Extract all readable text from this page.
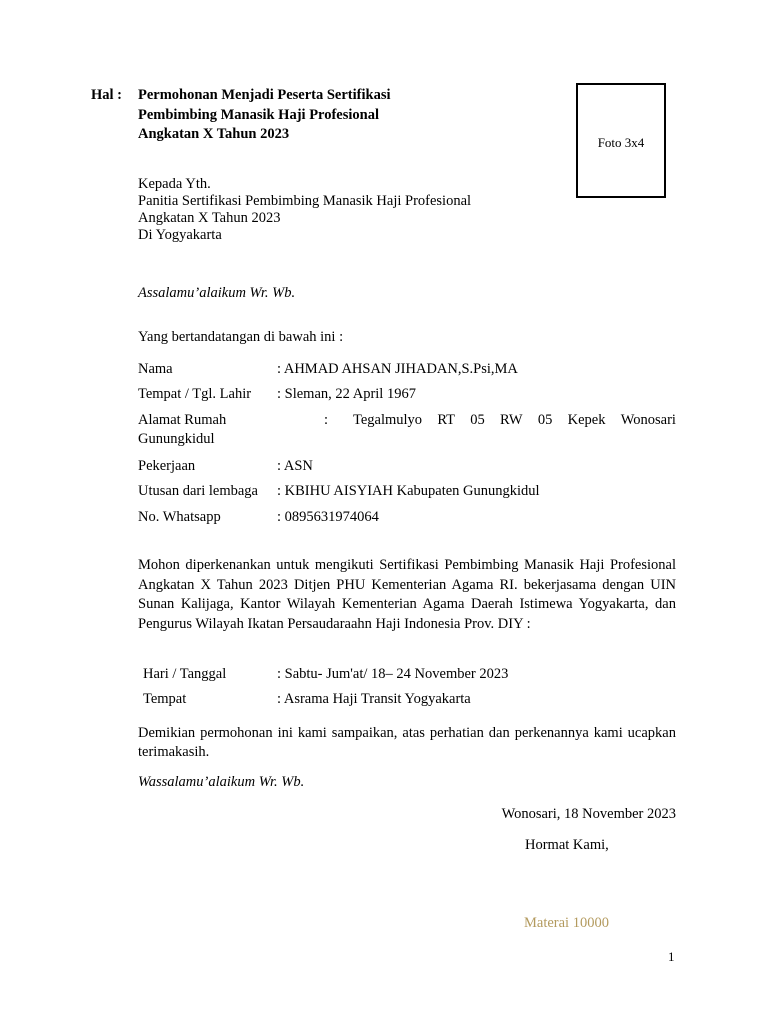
Hal : Permohonan Menjadi Peserta Sertifikasi
Pembimbing Manasik Haji Profesional
Angkatan X Tahun 2023
Foto 3x4
Kepada Yth.
Panitia Sertifikasi Pembimbing Manasik Haji Profesional
Angkatan X Tahun 2023
Di Yogyakarta
Assalamu’alaikum Wr. Wb.
Yang bertandatangan di bawah ini :
Nama	: AHMAD AHSAN JIHADAN,S.Psi,MA
Tempat / Tgl. Lahir : Sleman, 22 April 1967
Alamat Rumah	: Tegalmulyo RT 05 RW 05 Kepek Wonosari
Gunungkidul
Pekerjaan	: ASN
Utusan dari lembaga : KBIHU AISYIAH Kabupaten Gunungkidul
No. Whatsapp	: 0895631974064
Mohon diperkenankan untuk mengikuti Sertifikasi Pembimbing Manasik Haji Profesional Angkatan X Tahun 2023 Ditjen PHU Kementerian Agama RI. bekerjasama dengan UIN Sunan Kalijaga, Kantor Wilayah Kementerian Agama Daerah Istimewa Yogyakarta, dan Pengurus Wilayah Ikatan Persaudaraahn Haji Indonesia Prov. DIY :
Hari / Tanggal	: Sabtu- Jum'at/ 18– 24 November 2023
Tempat	: Asrama Haji Transit Yogyakarta
Demikian permohonan ini kami sampaikan, atas perhatian dan perkenannya kami ucapkan terimakasih.
Wassalamu’alaikum Wr. Wb.
Wonosari, 18 November 2023
Hormat Kami,
Materai 10000
1
